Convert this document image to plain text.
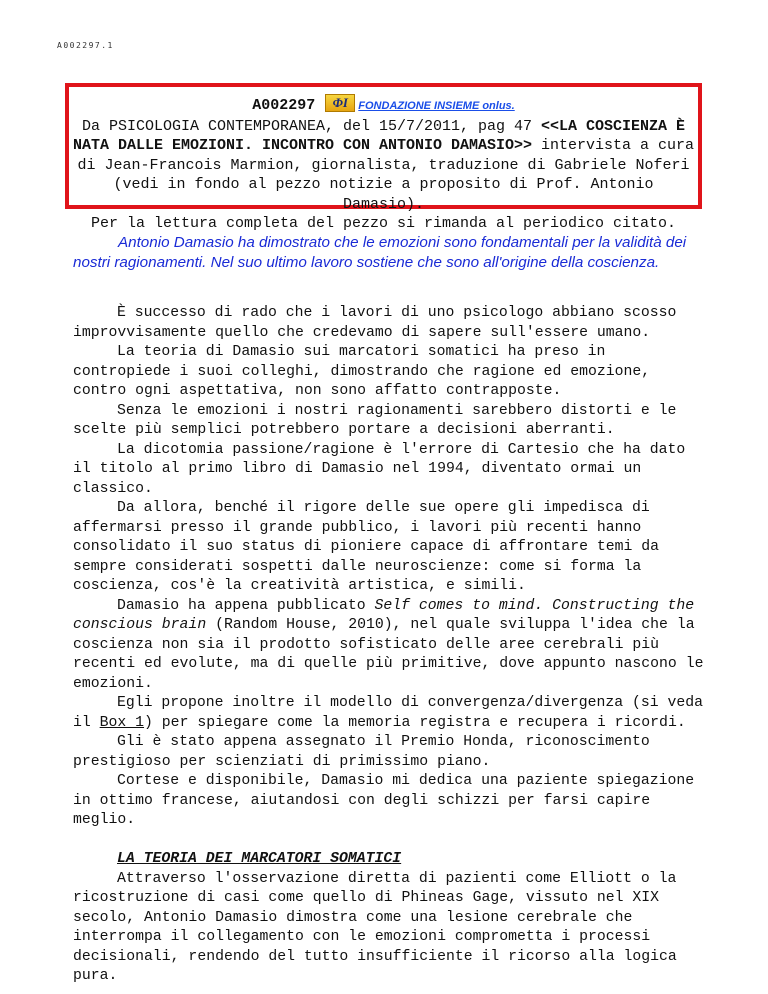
A002297.1
A002297	ΦI FONDAZIONE INSIEME onlus.
Da PSICOLOGIA CONTEMPORANEA, del 15/7/2011, pag 47 <<LA COSCIENZA È NATA DALLE EMOZIONI. INCONTRO CON ANTONIO DAMASIO>> intervista a cura di Jean-Francois Marmion, giornalista, traduzione di Gabriele Noferi (vedi in fondo al pezzo notizie a proposito di Prof. Antonio Damasio).
Per la lettura completa del pezzo si rimanda al periodico citato.
Antonio Damasio ha dimostrato che le emozioni sono fondamentali per la validità dei nostri ragionamenti. Nel suo ultimo lavoro sostiene che sono all'origine della coscienza.

È successo di rado che i lavori di uno psicologo abbiano scosso improvvisamente quello che credevamo di sapere sull'essere umano.

La teoria di Damasio sui marcatori somatici ha preso in contropiede i suoi colleghi, dimostrando che ragione ed emozione, contro ogni aspettativa, non sono affatto contrapposte.

Senza le emozioni i nostri ragionamenti sarebbero distorti e le scelte più semplici potrebbero portare a decisioni aberranti.

La dicotomia passione/ragione è l'errore di Cartesio che ha dato il titolo al primo libro di Damasio nel 1994, diventato ormai un classico.

Da allora, benché il rigore delle sue opere gli impedisca di affermarsi presso il grande pubblico, i lavori più recenti hanno consolidato il suo status di pioniere capace di affrontare temi da sempre considerati sospetti dalle neuroscienze: come si forma la coscienza, cos'è la creatività artistica, e simili.

Damasio ha appena pubblicato Self comes to mind. Constructing the conscious brain (Random House, 2010), nel quale sviluppa l'idea che la coscienza non sia il prodotto sofisticato delle aree cerebrali più recenti ed evolute, ma di quelle più primitive, dove appunto nascono le emozioni.

Egli propone inoltre il modello di convergenza/divergenza (si veda il Box 1) per spiegare come la memoria registra e recupera i ricordi.

Gli è stato appena assegnato il Premio Honda, riconoscimento prestigioso per scienziati di primissimo piano.

Cortese e disponibile, Damasio mi dedica una paziente spiegazione in ottimo francese, aiutandosi con degli schizzi per farsi capire meglio.

LA TEORIA DEI MARCATORI SOMATICI

Attraverso l'osservazione diretta di pazienti come Elliott o la ricostruzione di casi come quello di Phineas Gage, vissuto nel XIX secolo, Antonio Damasio dimostra come una lesione cerebrale che interrompa il collegamento con le emozioni comprometta i processi decisionali, rendendo del tutto insufficiente il ricorso alla logica pura.
